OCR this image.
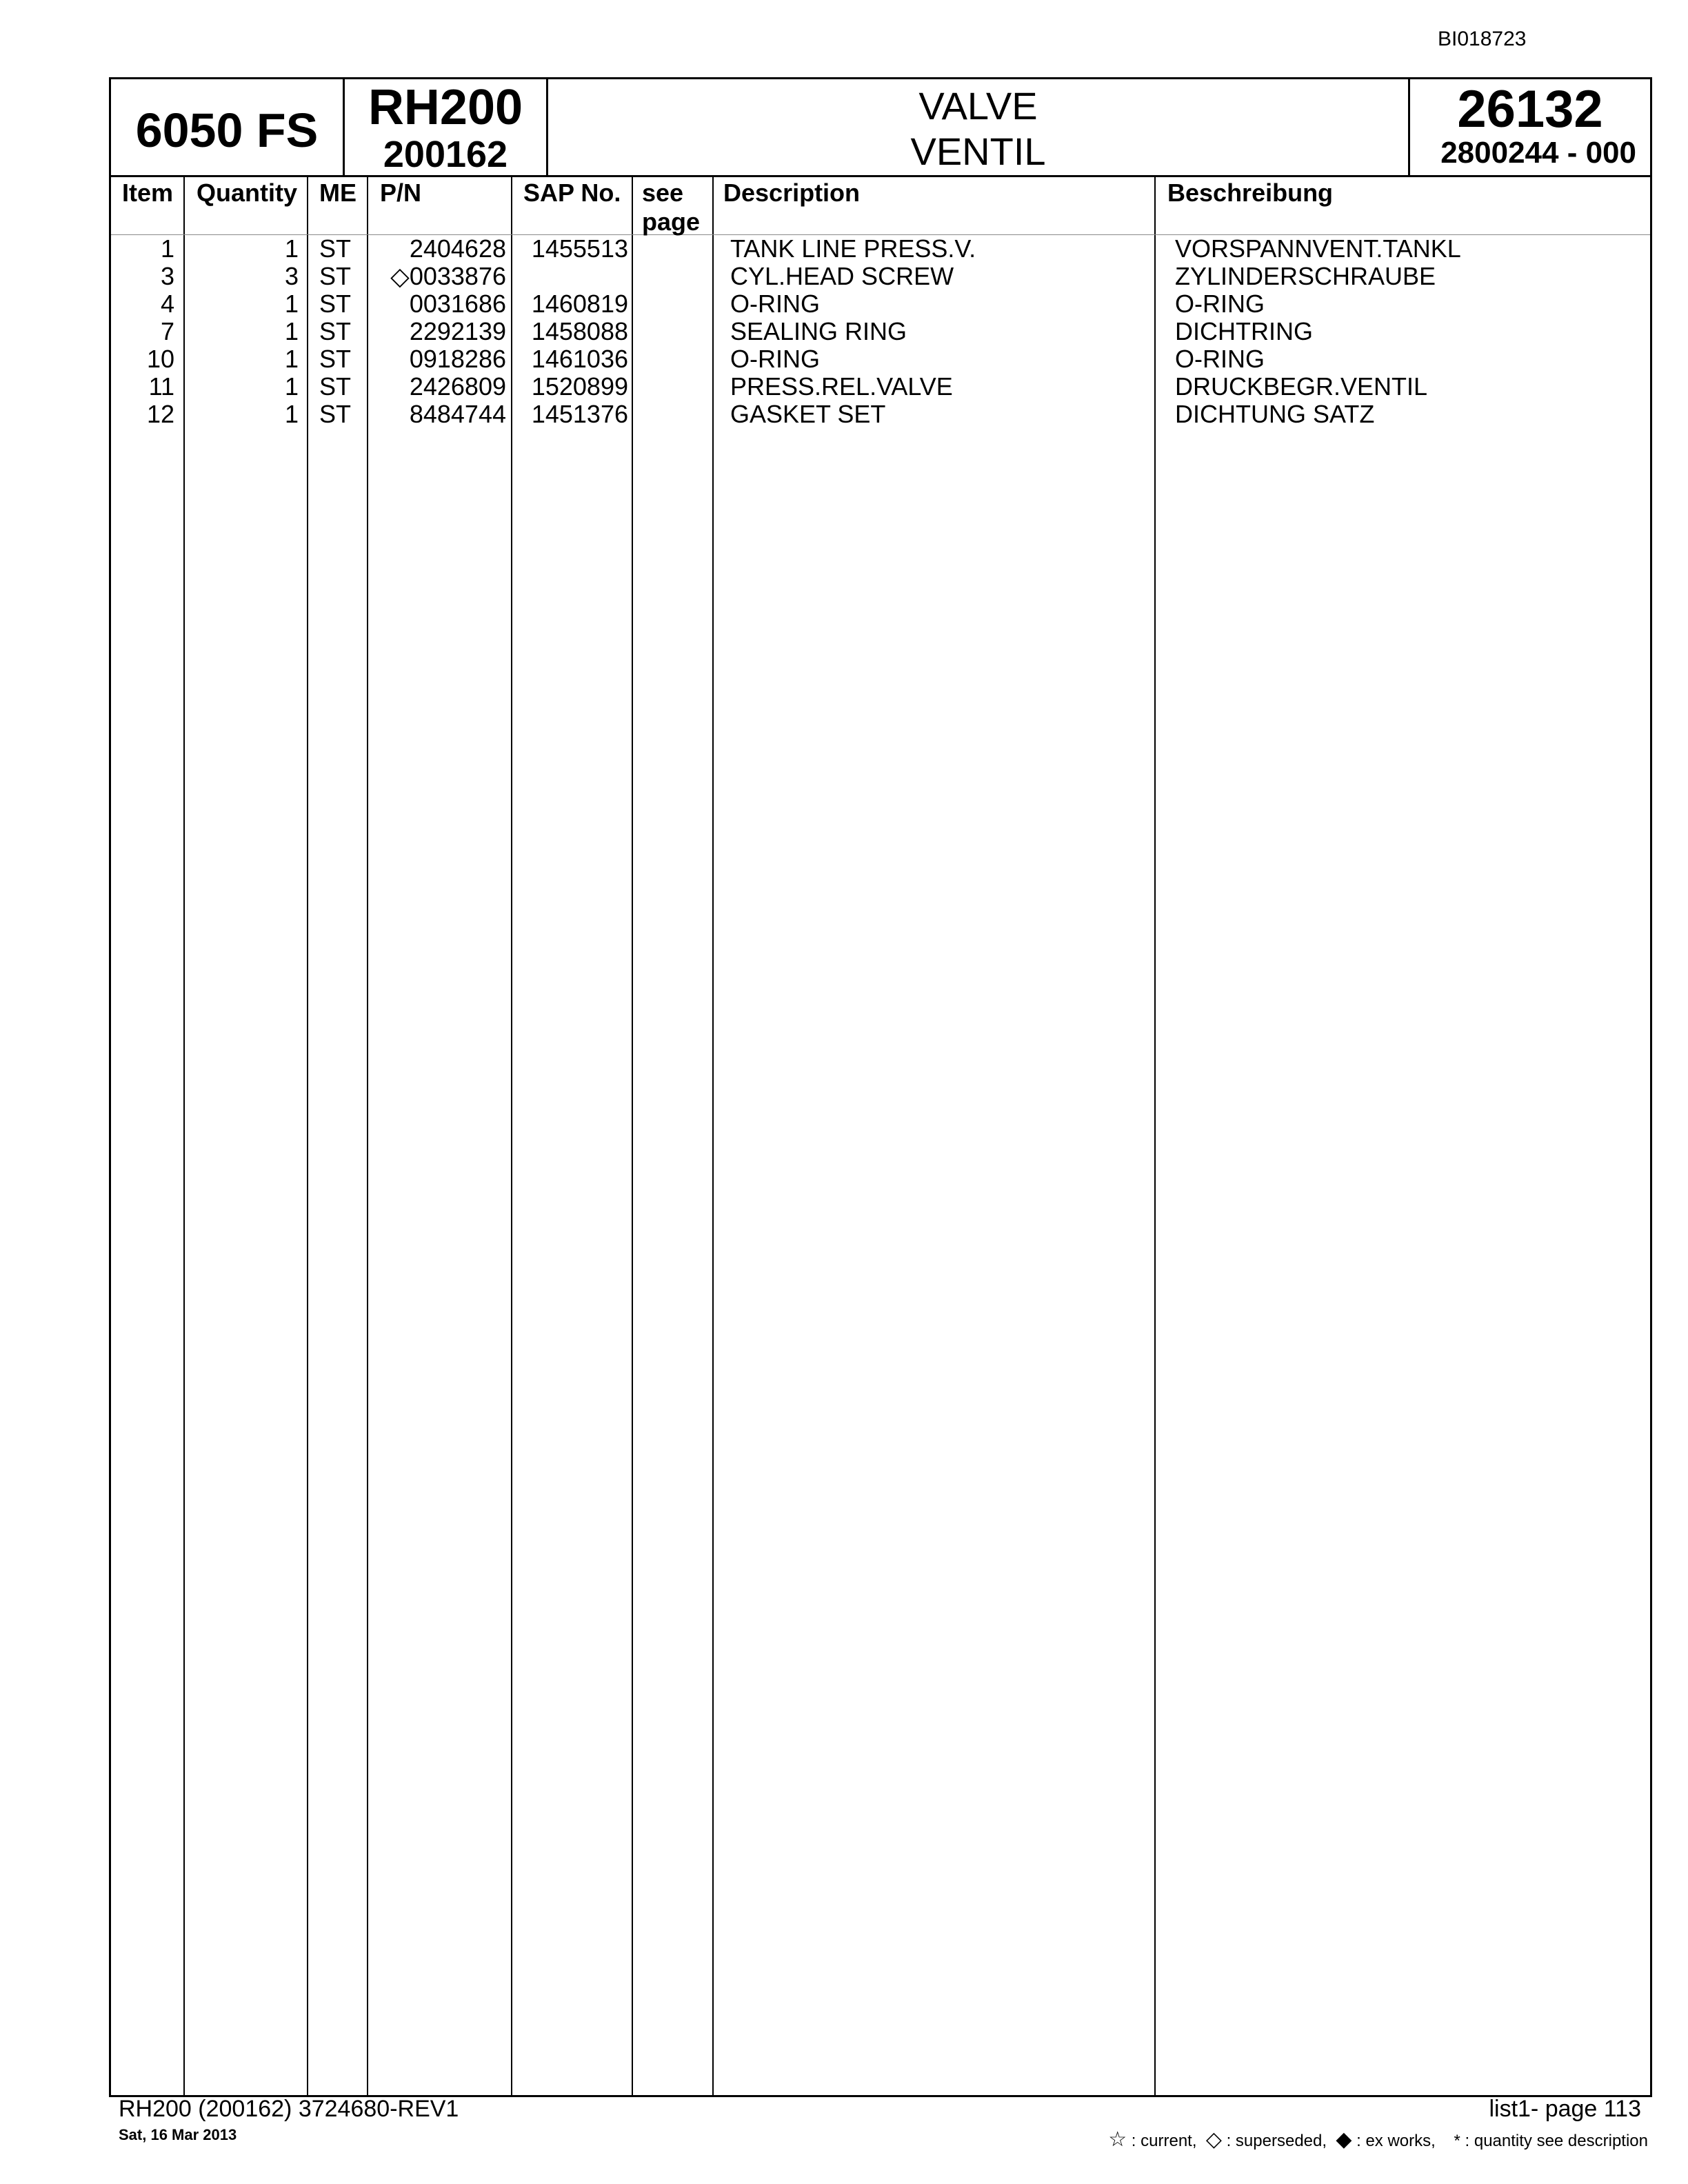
BI018723
6050 FS	RH200
200162
VALVE
VENTIL
26132
2800244 - 000
Item Quantity ME P/N	SAP No. see
page
Description	Beschreibung
1	1 ST 2404628 1455513	TANK LINE PRESS.V.	VORSPANNVENT.TANKL
3	3 ST ◇0033876	CYL.HEAD SCREW	ZYLINDERSCHRAUBE
4	1 ST 0031686 1460819	O-RING	O-RING
7	1 ST 2292139 1458088	SEALING RING	DICHTRING
10	1 ST 0918286 1461036	O-RING	O-RING
11	1 ST 2426809 1520899	PRESS.REL.VALVE	DRUCKBEGR.VENTIL
12	1 ST 8484744 1451376	GASKET SET	DICHTUNG SATZ
RH200 (200162) 3724680-REV1
Sat, 16 Mar 2013
list1- page 113
☆ : current, ◇ : superseded, ◆ : ex works, * : quantity see description
